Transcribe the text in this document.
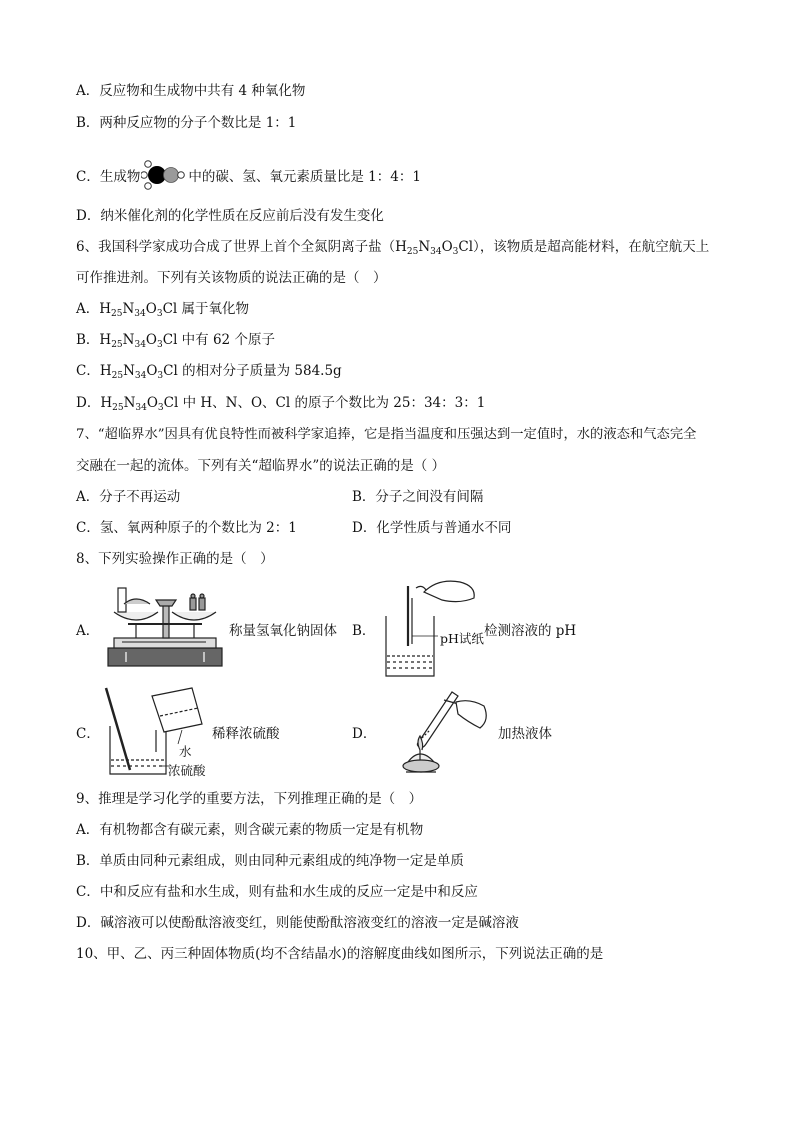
A．反应物和生成物中共有 4 种氧化物
B．两种反应物的分子个数比是 1：1
C．生成物	中的碳、氢、氧元素质量比是 1：4：1
D．纳米催化剂的化学性质在反应前后没有发生变化
6、我国科学家成功合成了世界上首个全氮阴离子盐$(H_{25}N_{34}O_3Cl)$，该物质是超高能材料，在航空航天上
可作推进剂。下列有关该物质的说法正确的是（　）
A．$H_{25}N_{34}O_3Cl$ 属于氧化物
B．$H_{25}N_{34}O_3Cl$ 中有 62 个原子
C．$H_{25}N_{34}O_3Cl$ 的相对分子质量为 584.5g
D．$H_{25}N_{34}O_3Cl$ 中 H、N、O、Cl 的原子个数比为 25：34：3：1
7、“超临界水”因具有优良特性而被科学家追捧，它是指当温度和压强达到一定值时，水的液态和气态完全
交融在一起的流体。下列有关“超临界水”的说法正确的是（ ）
A．分子不再运动	B．分子之间没有间隔
C．氢、氧两种原子的个数比为 2：1	D．化学性质与普通水不同
8、下列实验操作正确的是（　）
A．	称量氢氧化钠固体 B．	检测溶液的 pH
pH试纸
C．	稀释浓硫酸
水
浓硫酸
D．	加热液体
9、推理是学习化学的重要方法，下列推理正确的是（　）
A．有机物都含有碳元素，则含碳元素的物质一定是有机物
B．单质由同种元素组成，则由同种元素组成的纯净物一定是单质
C．中和反应有盐和水生成，则有盐和水生成的反应一定是中和反应
D．碱溶液可以使酚酞溶液变红，则能使酚酞溶液变红的溶液一定是碱溶液
10、甲、乙、丙三种固体物质(均不含结晶水)的溶解度曲线如图所示，下列说法正确的是
